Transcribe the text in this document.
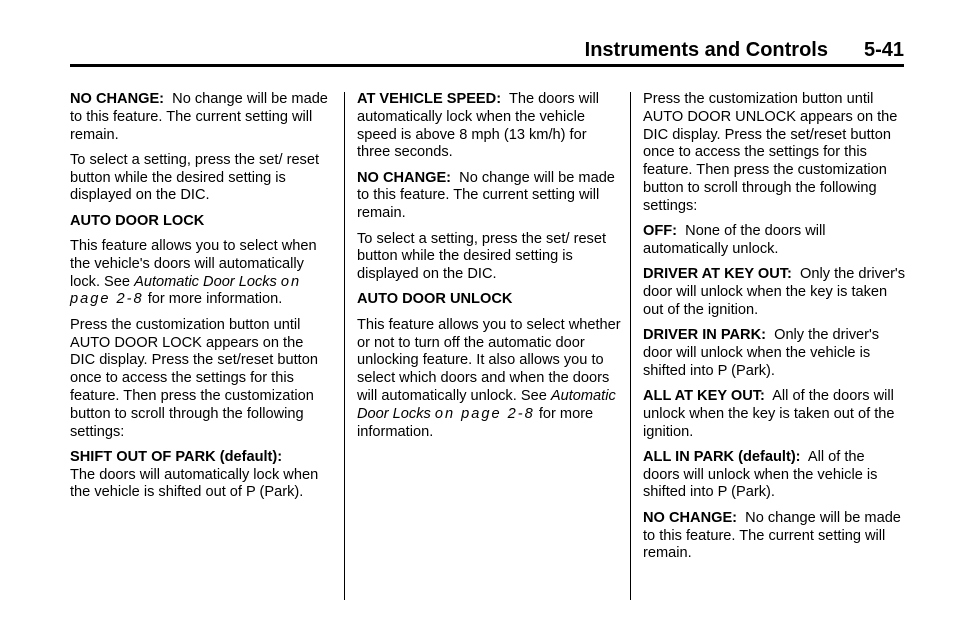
Instruments and Controls 5-41

NO CHANGE: No change will be made to this feature. The current setting will remain.

To select a setting, press the set/ reset button while the desired setting is displayed on the DIC.

AUTO DOOR LOCK

This feature allows you to select when the vehicle's doors will automatically lock. See Automatic Door Locks on page 2-8 for more information.

Press the customization button until AUTO DOOR LOCK appears on the DIC display. Press the set/reset button once to access the settings for this feature. Then press the customization button to scroll through the following settings:

SHIFT OUT OF PARK (default):
The doors will automatically lock when the vehicle is shifted out of P (Park).

AT VEHICLE SPEED: The doors will automatically lock when the vehicle speed is above 8 mph (13 km/h) for three seconds.

NO CHANGE: No change will be made to this feature. The current setting will remain.

To select a setting, press the set/ reset button while the desired setting is displayed on the DIC.

AUTO DOOR UNLOCK

This feature allows you to select whether or not to turn off the automatic door unlocking feature. It also allows you to select which doors and when the doors will automatically unlock. See Automatic Door Locks on page 2-8 for more information.

Press the customization button until AUTO DOOR UNLOCK appears on the DIC display. Press the set/reset button once to access the settings for this feature. Then press the customization button to scroll through the following settings:

OFF: None of the doors will automatically unlock.

DRIVER AT KEY OUT: Only the driver's door will unlock when the key is taken out of the ignition.

DRIVER IN PARK: Only the driver's door will unlock when the vehicle is shifted into P (Park).

ALL AT KEY OUT: All of the doors will unlock when the key is taken out of the ignition.

ALL IN PARK (default): All of the doors will unlock when the vehicle is shifted into P (Park).

NO CHANGE: No change will be made to this feature. The current setting will remain.
